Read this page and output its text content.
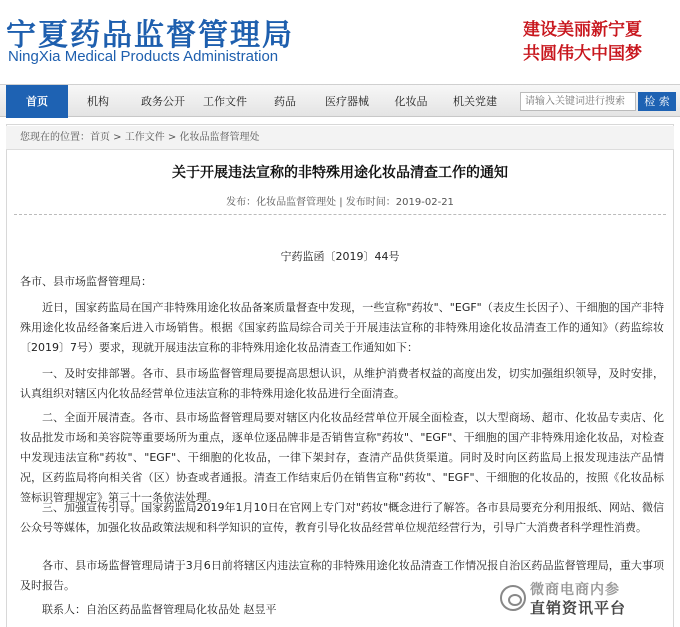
宁夏药品监督管理局
NingXia Medical Products Administration
建设美丽新宁夏
共圆伟大中国梦
首页	机构	政务公开	工作文件	药品	医疗器械	化妆品	机关党建
请输入关键词进行搜索	检 索
您现在的位置：首页 > 工作文件 > 化妆品监督管理处
关于开展违法宣称的非特殊用途化妆品清查工作的通知
发布：化妆品监督管理处 | 发布时间：2019-02-21
宁药监函〔2019〕44号
各市、县市场监督管理局：
近日，国家药监局在国产非特殊用途化妆品备案质量督查中发现，一些宣称"药妆"、"EGF"（表皮生长因子）、干细胞的国产非特殊用途化妆品经备案后进入市场销售。根据《国家药监局综合司关于开展违法宣称的非特殊用途化妆品清查工作的通知》（药监综妆〔2019〕7号）要求，现就开展违法宣称的非特殊用途化妆品清查工作通知如下：
一、及时安排部署。各市、县市场监督管理局要提高思想认识，从维护消费者权益的高度出发，切实加强组织领导，及时安排，认真组织对辖区内化妆品经营单位违法宣称的非特殊用途化妆品进行全面清查。
二、全面开展清查。各市、县市场监督管理局要对辖区内化妆品经营单位开展全面检查，以大型商场、超市、化妆品专卖店、化妆品批发市场和美容院等重要场所为重点，逐单位逐品牌非是否销售宣称"药妆"、"EGF"、干细胞的国产非特殊用途化妆品，对检查中发现违法宣称"药妆"、"EGF"、干细胞的化妆品，一律下架封存，查清产品供货渠道。同时及时向区药监局上报发现违法产品情况，区药监局将向相关省（区）协查或者通报。清查工作结束后仍在销售宣称"药妆"、"EGF"、干细胞的化妆品的，按照《化妆品标签标识管理规定》第三十一条依法处理。
三、加强宣传引导。国家药监局2019年1月10日在官网上专门对"药妆"概念进行了解答。各市县局要充分利用报纸、网站、微信公众号等媒体，加强化妆品政策法规和科学知识的宣传，教育引导化妆品经营单位规范经营行为，引导广大消费者科学理性消费。
各市、县市场监督管理局请于3月6日前将辖区内违法宣称的非特殊用途化妆品清查工作情况报自治区药品监督管理局，重大事项及时报告。
联系人：自治区药品监督管理局化妆品处 赵昱平
微商电商内参
直销资讯平台
